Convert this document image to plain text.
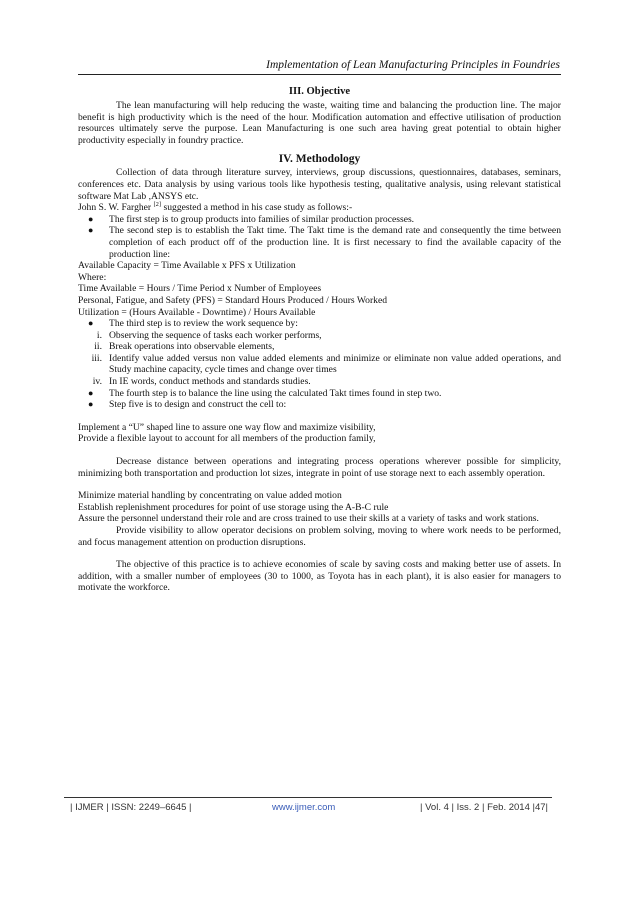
Implementation of Lean Manufacturing Principles in Foundries
III. Objective

The lean manufacturing will help reducing the waste, waiting time and balancing the production line. The major benefit is high productivity which is the need of the hour. Modification automation and effective utilisation of production resources ultimately serve the purpose. Lean Manufacturing is one such area having great potential to obtain higher productivity especially in foundry practice.

IV. Methodology

Collection of data through literature survey, interviews, group discussions, questionnaires, databases, seminars, conferences etc. Data analysis by using various tools like hypothesis testing, qualitative analysis, using relevant statistical software Mat Lab ,ANSYS etc.

John S. W. Fargher [2] suggested a method in his case study as follows:-

● The first step is to group products into families of similar production processes.
● The second step is to establish the Takt time. The Takt time is the demand rate and consequently the time between completion of each product off of the production line. It is first necessary to find the available capacity of the production line:

Available Capacity = Time Available x PFS x Utilization

Where:

Time Available = Hours / Time Period x Number of Employees

Personal, Fatigue, and Safety (PFS) = Standard Hours Produced / Hours Worked

Utilization = (Hours Available - Downtime) / Hours Available

● The third step is to review the work sequence by:
i. Observing the sequence of tasks each worker performs,
ii. Break operations into observable elements,
iii. Identify value added versus non value added elements and minimize or eliminate non value added operations, and Study machine capacity, cycle times and change over times
iv. In IE words, conduct methods and standards studies.
● The fourth step is to balance the line using the calculated Takt times found in step two.
● Step five is to design and construct the cell to:

Implement a “U” shaped line to assure one way flow and maximize visibility,

Provide a flexible layout to account for all members of the production family,

Decrease distance between operations and integrating process operations wherever possible for simplicity, minimizing both transportation and production lot sizes, integrate in point of use storage next to each assembly operation.

Minimize material handling by concentrating on value added motion

Establish replenishment procedures for point of use storage using the A-B-C rule

Assure the personnel understand their role and are cross trained to use their skills at a variety of tasks and work stations.

Provide visibility to allow operator decisions on problem solving, moving to where work needs to be performed, and focus management attention on production disruptions.

The objective of this practice is to achieve economies of scale by saving costs and making better use of assets. In addition, with a smaller number of employees (30 to 1000, as Toyota has in each plant), it is also easier for managers to motivate the workforce.

| IJMER | ISSN: 2249–6645 |	www.ijmer.com	| Vol. 4 | Iss. 2 | Feb. 2014 |47|
